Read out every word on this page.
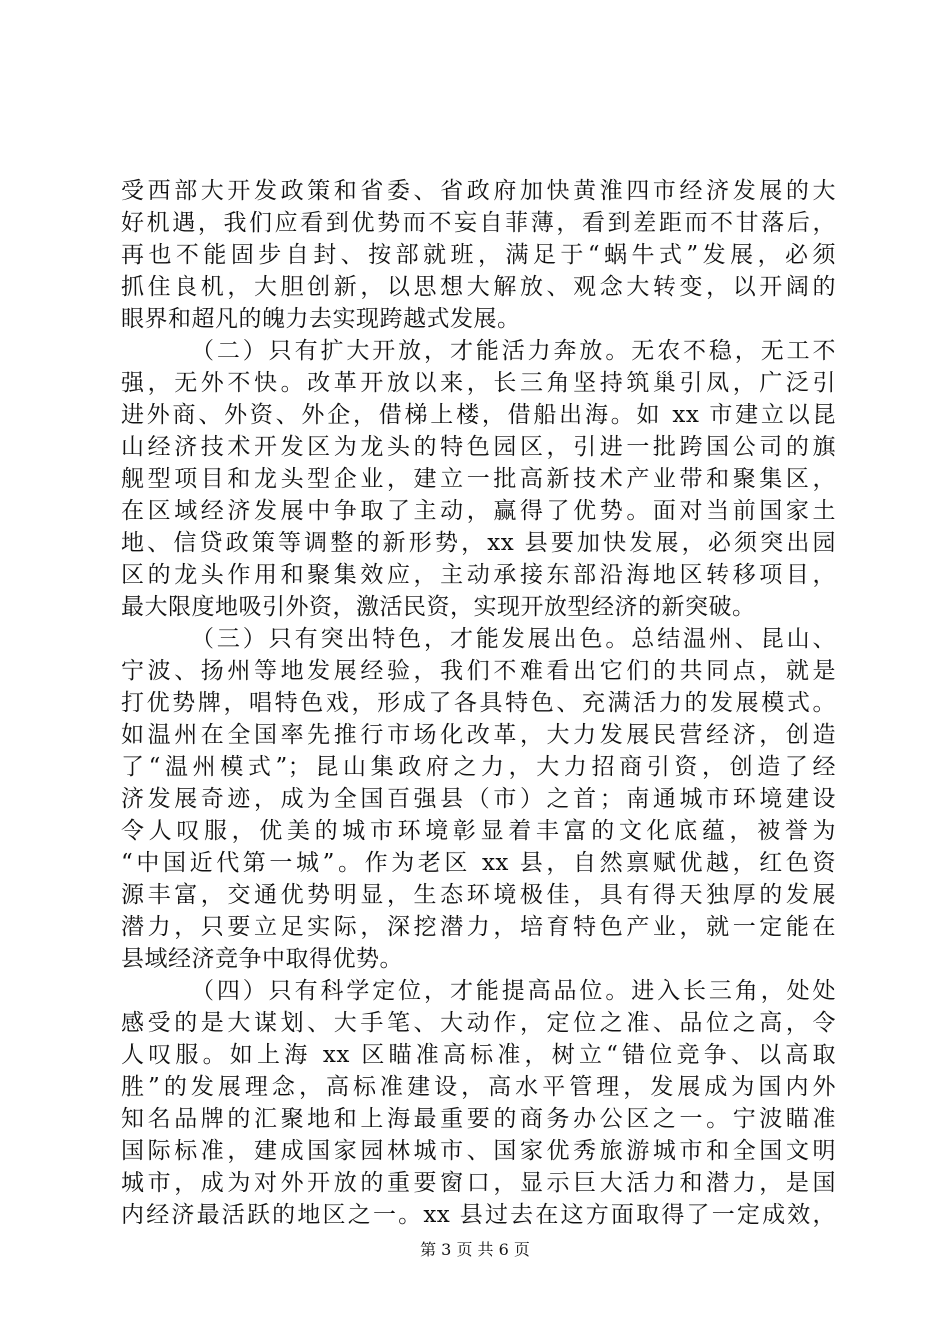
受西部大开发政策和省委、省政府加快黄淮四市经济发展的大
好机遇，我们应看到优势而不妄自菲薄，看到差距而不甘落后，
再也不能固步自封、按部就班，满足于“蜗牛式”发展，必须
抓住良机，大胆创新，以思想大解放、观念大转变，以开阔的
眼界和超凡的魄力去实现跨越式发展。
（二）只有扩大开放，才能活力奔放。无农不稳，无工不
强，无外不快。改革开放以来，长三角坚持筑巢引凤，广泛引
进外商、外资、外企，借梯上楼，借船出海。如 xx 市建立以昆
山经济技术开发区为龙头的特色园区，引进一批跨国公司的旗
舰型项目和龙头型企业，建立一批高新技术产业带和聚集区，
在区域经济发展中争取了主动，赢得了优势。面对当前国家土
地、信贷政策等调整的新形势，xx 县要加快发展，必须突出园
区的龙头作用和聚集效应，主动承接东部沿海地区转移项目，
最大限度地吸引外资，激活民资，实现开放型经济的新突破。
（三）只有突出特色，才能发展出色。总结温州、昆山、
宁波、扬州等地发展经验，我们不难看出它们的共同点，就是
打优势牌，唱特色戏，形成了各具特色、充满活力的发展模式。
如温州在全国率先推行市场化改革，大力发展民营经济，创造
了“温州模式”；昆山集政府之力，大力招商引资，创造了经
济发展奇迹，成为全国百强县（市）之首；南通城市环境建设
令人叹服，优美的城市环境彰显着丰富的文化底蕴，被誉为
“中国近代第一城”。作为老区 xx 县，自然禀赋优越，红色资
源丰富，交通优势明显，生态环境极佳，具有得天独厚的发展
潜力，只要立足实际，深挖潜力，培育特色产业，就一定能在
县域经济竞争中取得优势。
（四）只有科学定位，才能提高品位。进入长三角，处处
感受的是大谋划、大手笔、大动作，定位之准、品位之高，令
人叹服。如上海 xx 区瞄准高标准，树立“错位竞争、以高取
胜”的发展理念，高标准建设，高水平管理，发展成为国内外
知名品牌的汇聚地和上海最重要的商务办公区之一。宁波瞄准
国际标准，建成国家园林城市、国家优秀旅游城市和全国文明
城市，成为对外开放的重要窗口，显示巨大活力和潜力，是国
内经济最活跃的地区之一。xx 县过去在这方面取得了一定成效，
第 3 页 共 6 页
